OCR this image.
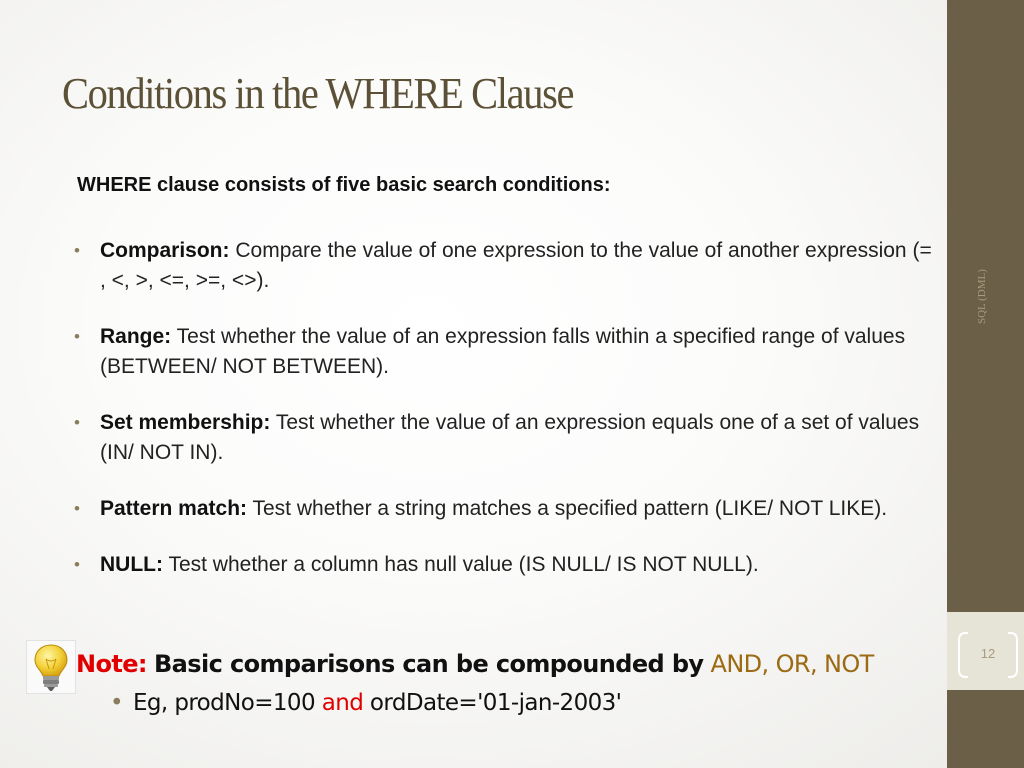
SQL (DML)
12
Conditions in the WHERE Clause

WHERE clause consists of five basic search conditions:

• Comparison: Compare the value of one expression to the value of another expression (= , <, >, <=, >=, <>).
• Range: Test whether the value of an expression falls within a specified range of values (BETWEEN/ NOT BETWEEN).
• Set membership: Test whether the value of an expression equals one of a set of values (IN/ NOT IN).
• Pattern match: Test whether a string matches a specified pattern (LIKE/ NOT LIKE).
• NULL: Test whether a column has null value (IS NULL/ IS NOT NULL).
Note: Basic comparisons can be compounded by AND, OR, NOT
• Eg, prodNo=100 and ordDate='01-jan-2003'
